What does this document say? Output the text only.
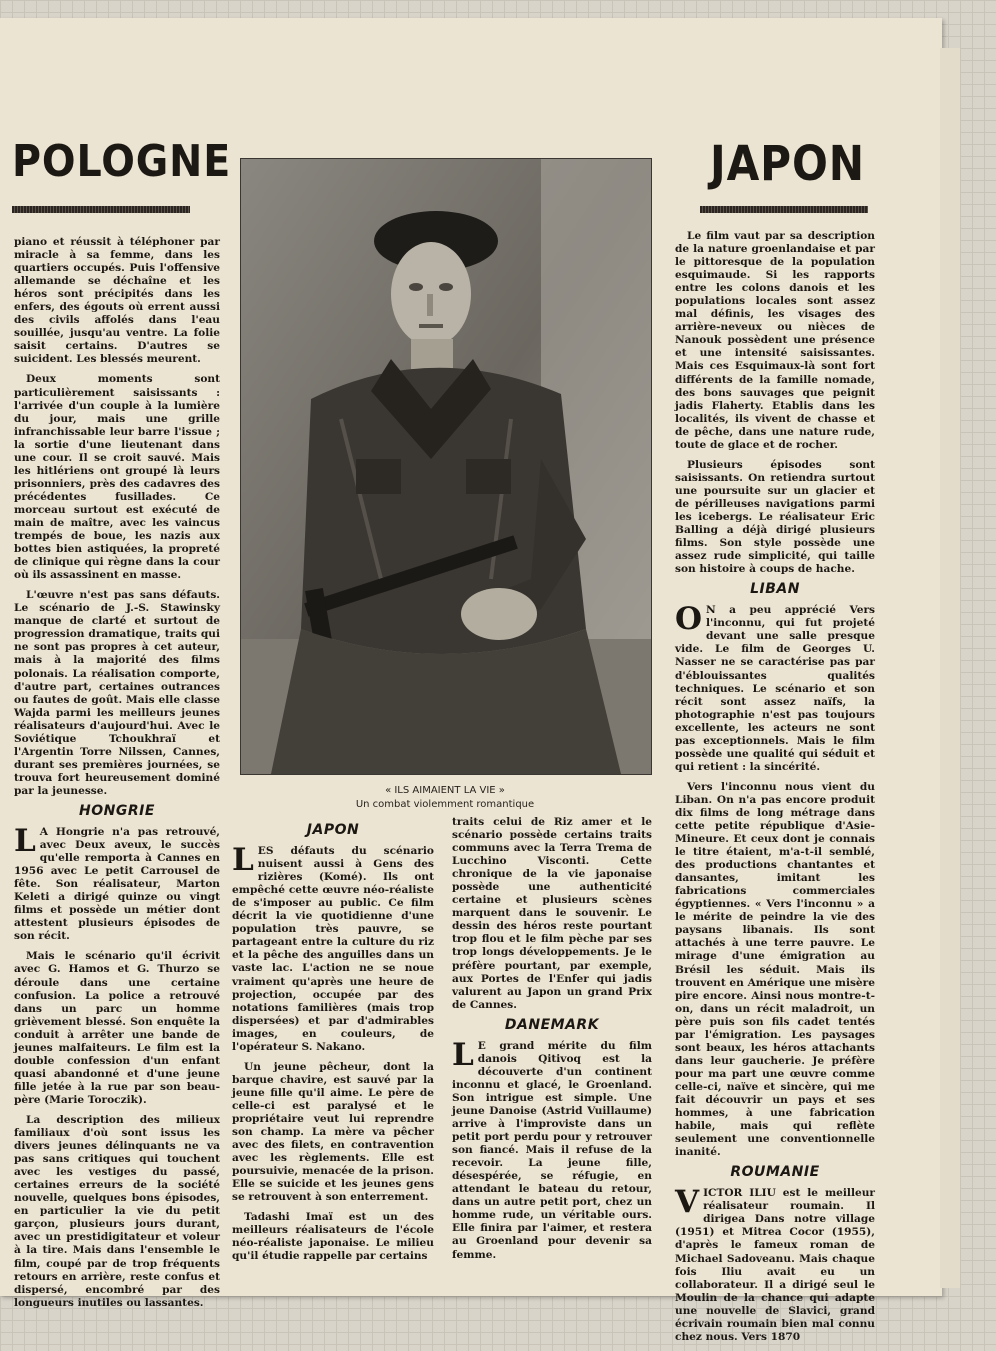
POLOGNE	JAPON
« ILS AIMAIENT LA VIE »
Un combat violemment romantique

piano et réussit à téléphoner par miracle à sa femme, dans les quartiers occupés. Puis l'offensive allemande se déchaîne et les héros sont précipités dans les enfers, des égouts où errent aussi des civils affolés dans l'eau souillée, jusqu'au ventre. La folie saisit certains. D'autres se suicident. Les blessés meurent.

Deux moments sont particulièrement saisissants : l'arrivée d'un couple à la lumière du jour, mais une grille infranchissable leur barre l'issue ; la sortie d'une lieutenant dans une cour. Il se croit sauvé. Mais les hitlériens ont groupé là leurs prisonniers, près des cadavres des précédentes fusillades. Ce morceau surtout est exécuté de main de maître, avec les vaincus trempés de boue, les nazis aux bottes bien astiquées, la propreté de clinique qui règne dans la cour où ils assassinent en masse.

L'œuvre n'est pas sans défauts. Le scénario de J.-S. Stawinsky manque de clarté et surtout de progression dramatique, traits qui ne sont pas propres à cet auteur, mais à la majorité des films polonais. La réalisation comporte, d'autre part, certaines outrances ou fautes de goût. Mais elle classe Wajda parmi les meilleurs jeunes réalisateurs d'aujourd'hui. Avec le Soviétique Tchoukhraï et l'Argentin Torre Nilssen, Cannes, durant ses premières journées, se trouva fort heureusement dominé par la jeunesse.

HONGRIE

L A Hongrie n'a pas retrouvé, avec Deux aveux, le succès qu'elle remporta à Cannes en 1956 avec Le petit Carrousel de fête. Son réalisateur, Marton Keleti a dirigé quinze ou vingt films et possède un métier dont attestent plusieurs épisodes de son récit.

Mais le scénario qu'il écrivit avec G. Hamos et G. Thurzo se déroule dans une certaine confusion. La police a retrouvé dans un parc un homme grièvement blessé. Son enquête la conduit à arrêter une bande de jeunes malfaiteurs. Le film est la double confession d'un enfant quasi abandonné et d'une jeune fille jetée à la rue par son beau-père (Marie Toroczik).

La description des milieux familiaux d'où sont issus les divers jeunes délinquants ne va pas sans critiques qui touchent avec les vestiges du passé, certaines erreurs de la société nouvelle, quelques bons épisodes, en particulier la vie du petit garçon, plusieurs jours durant, avec un prestidigitateur et voleur à la tire. Mais dans l'ensemble le film, coupé par de trop fréquents retours en arrière, reste confus et dispersé, encombré par des longueurs inutiles ou lassantes.

JAPON

LES défauts du scénario nuisent aussi à Gens des rizières (Komé). Ils ont empêché cette œuvre néo-réaliste de s'imposer au public. Ce film décrit la vie quotidienne d'une population très pauvre, se partageant entre la culture du riz et la pêche des anguilles dans un vaste lac. L'action ne se noue vraiment qu'après une heure de projection, occupée par des notations familières (mais trop dispersées) et par d'admirables images, en couleurs, de l'opérateur S. Nakano.

Un jeune pêcheur, dont la barque chavire, est sauvé par la jeune fille qu'il aime. Le père de celle-ci est paralysé et le propriétaire veut lui reprendre son champ. La mère va pêcher avec des filets, en contravention avec les règlements. Elle est poursuivie, menacée de la prison. Elle se suicide et les jeunes gens se retrouvent à son enterrement.

Tadashi Imaï est un des meilleurs réalisateurs de l'école néo-réaliste japonaise. Le milieu qu'il étudie rappelle par certains

traits celui de Riz amer et le scénario possède certains traits communs avec la Terra Trema de Lucchino Visconti. Cette chronique de la vie japonaise possède une authenticité certaine et plusieurs scènes marquent dans le souvenir. Le dessin des héros reste pourtant trop flou et le film pèche par ses trop longs développements. Je le préfère pourtant, par exemple, aux Portes de l'Enfer qui jadis valurent au Japon un grand Prix de Cannes.

DANEMARK

L E grand mérite du film danois Qitivoq est la découverte d'un continent inconnu et glacé, le Groenland. Son intrigue est simple. Une jeune Danoise (Astrid Vuillaume) arrive à l'improviste dans un petit port perdu pour y retrouver son fiancé. Mais il refuse de la recevoir. La jeune fille, désespérée, se réfugie, en attendant le bateau du retour, dans un autre petit port, chez un homme rude, un véritable ours. Elle finira par l'aimer, et restera au Groenland pour devenir sa femme.

Le film vaut par sa description de la nature groenlandaise et par le pittoresque de la population esquimaude. Si les rapports entre les colons danois et les populations locales sont assez mal définis, les visages des arrière-neveux ou nièces de Nanouk possèdent une présence et une intensité saisissantes. Mais ces Esquimaux-là sont fort différents de la famille nomade, des bons sauvages que peignit jadis Flaherty. Etablis dans les localités, ils vivent de chasse et de pêche, dans une nature rude, toute de glace et de rocher.

Plusieurs épisodes sont saisissants. On retiendra surtout une poursuite sur un glacier et de périlleuses navigations parmi les icebergs. Le réalisateur Eric Balling a déjà dirigé plusieurs films. Son style possède une assez rude simplicité, qui taille son histoire à coups de hache.

LIBAN

O N a peu apprécié Vers l'inconnu, qui fut projeté devant une salle presque vide. Le film de Georges U. Nasser ne se caractérise pas par d'éblouissantes qualités techniques. Le scénario et son récit sont assez naïfs, la photographie n'est pas toujours excellente, les acteurs ne sont pas exceptionnels. Mais le film possède une qualité qui séduit et qui retient : la sincérité.

Vers l'inconnu nous vient du Liban. On n'a pas encore produit dix films de long métrage dans cette petite république d'Asie-Mineure. Et ceux dont je connais le titre étaient, m'a-t-il semblé, des productions chantantes et dansantes, imitant les fabrications commerciales égyptiennes. « Vers l'inconnu » a le mérite de peindre la vie des paysans libanais. Ils sont attachés à une terre pauvre. Le mirage d'une émigration au Brésil les séduit. Mais ils trouvent en Amérique une misère pire encore. Ainsi nous montre-t-on, dans un récit maladroit, un père puis son fils cadet tentés par l'émigration. Les paysages sont beaux, les héros attachants dans leur gaucherie. Je préfère pour ma part une œuvre comme celle-ci, naïve et sincère, qui me fait découvrir un pays et ses hommes, à une fabrication habile, mais qui reflète seulement une conventionnelle inanité.

ROUMANIE

VICTOR ILIU est le meilleur réalisateur roumain. Il dirigea Dans notre village (1951) et Mitrea Cocor (1955), d'après le fameux roman de Michael Sadoveanu. Mais chaque fois Iliu avait eu un collaborateur. Il a dirigé seul le Moulin de la chance qui adapte une nouvelle de Slavici, grand écrivain roumain bien mal connu chez nous. Vers 1870
